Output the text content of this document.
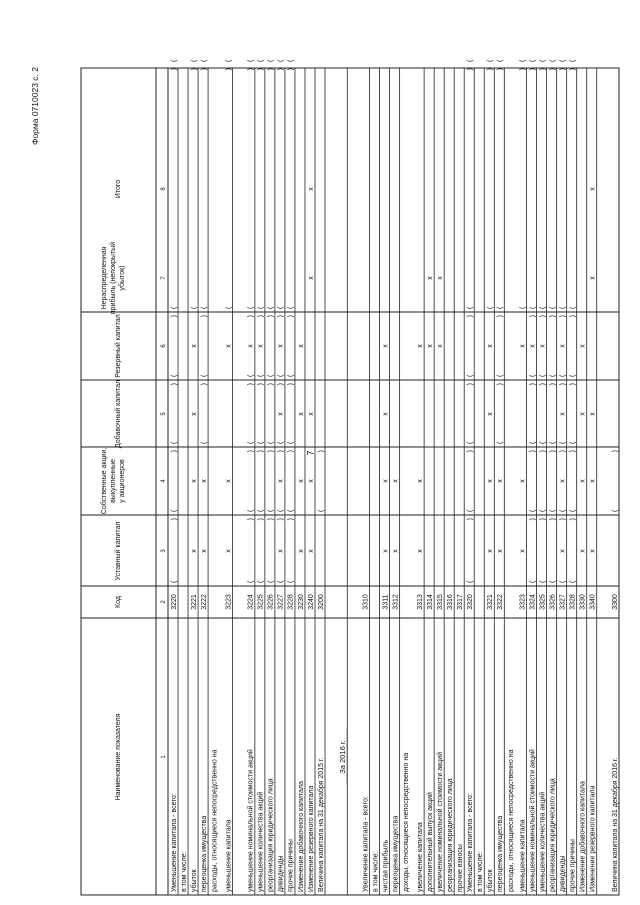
7
Форма 0710023 с. 2
Наименование показателя
Код
Уставный капитал
Собственные акции, выкупленные у акционеров
Добавочный капитал
Резервный капитал
Нераспределенная прибыль (непокрытый убыток)
Итого
1
2
3
4
5
6
7
8
Уменьшение капитала - всего:
3220
(
)
(
)
(
)
(
)
(
)
(
в том числе: убыток
3221
(
)
(
x
x
x
x
переоценка имущества
3222
(
)
(
)
(
)
(
x
x
расходы, относящиеся непосредственно на уменьшение капитала
3223
(
)
(
x
x
x
уменьшение номинальной стоимости акций
3224
(
)
(
)
(
)
(
)
(
)
(
x
уменьшение количества акций
3225
(
)
(
)
(
)
(
)
(
)
(
x
реорганизация юридического лица
3226
(
)
(
)
(
)
(
)
(
)
(
дивиденды
3227
(
)
(
)
(
)
(
)
(
)
(
x
x
x
x
прочие причины
3228
(
)
(
)
(
)
(
)
(
)
(
Изменение добавочного капитала
3230
x
x
x
x
Изменение резервного капитала
3240
x
x
x
x
x
Величина капитала на 31 декабря 2015 г.
3200
(
)
За 2016 г.
Увеличение капитала - всего:
3310
в том числе: чистая прибыль
3311
x
x
x
x
переоценка имущества
3312
x
x
доходы, относящиеся непосредственно на увеличение капитала
3313
x
x
x
дополнительный выпуск акций
3314
x
x
увеличение номинальной стоимости акций
3315
x
x
реорганизация юридического лица
3316
прочие взносы
3317
Уменьшение капитала - всего:
3320
(
)
(
)
(
)
(
)
(
)
(
в том числе: убыток
3321
(
)
(
x
x
x
x
переоценка имущества
3322
(
)
(
)
(
)
(
x
x
расходы, относящиеся непосредственно на уменьшение капитала
3323
(
)
(
x
x
x
уменьшение номинальной стоимости акций
3324
(
)
(
)
(
)
(
)
(
)
(
x
уменьшение количества акций
3325
(
)
(
)
(
)
(
)
(
)
(
x
реорганизация юридического лица
3326
(
)
(
)
(
)
(
)
(
)
(
дивиденды
3327
(
)
(
)
(
)
(
)
(
)
(
x
x
x
x
прочие причины
3328
(
)
(
)
(
)
(
)
(
)
(
Изменение добавочного капитала
3330
x
x
x
x
Изменение резервного капитала
3340
x
x
x
x
x
Величина капитала на 31 декабря 2016 г.
3300
(
)
